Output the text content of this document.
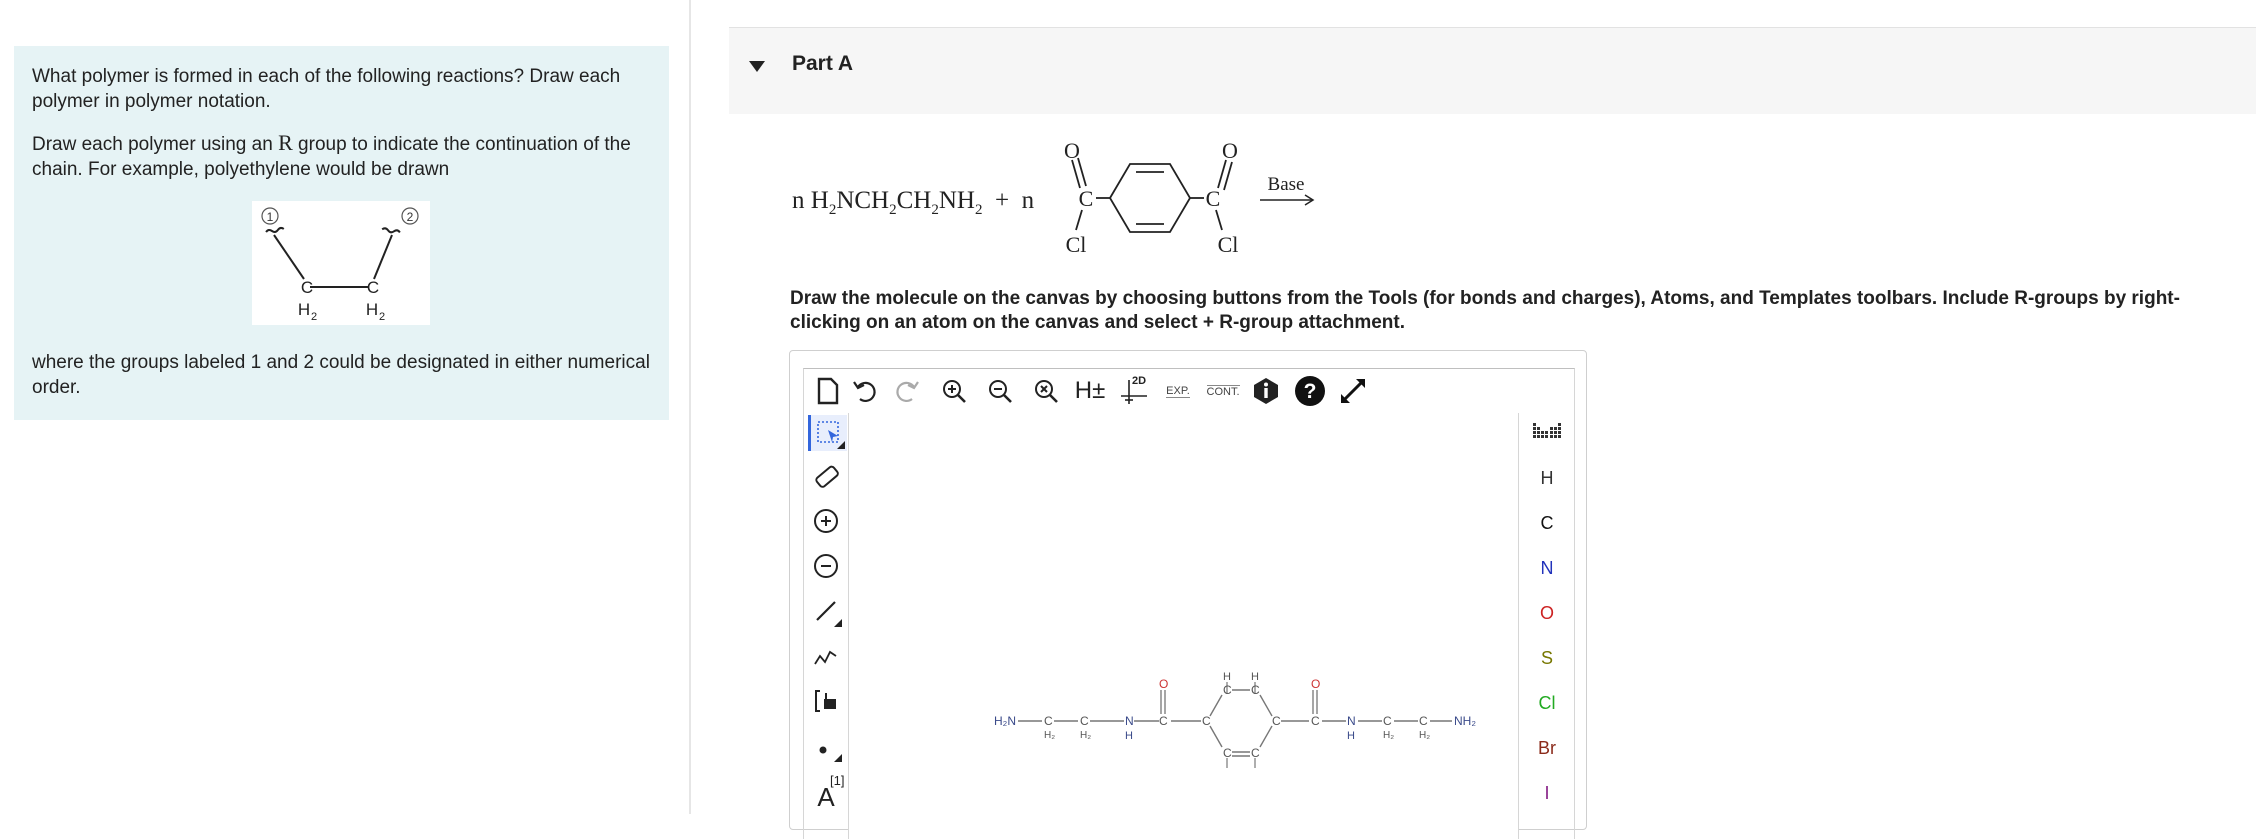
What polymer is formed in each of the following reactions? Draw each polymer in polymer notation.

Draw each polymer using an R group to indicate the continuation of the chain. For example, polyethylene would be drawn

1	2
C	C
H 2	H 2

where the groups labeled 1 and 2 could be designated in either numerical order.

Part A
n $H_2NCH_2CH_2NH_2 + n$
O
C
Cl
O
C
Cl
Base
Draw the molecule on the canvas by choosing buttons from the Tools (for bonds and charges), Atoms, and Templates toolbars. Include R-groups by right-clicking on an atom on the canvas and select + R-group attachment.
H± 2D
EXP. CONT.	?
A
[1]
H₂N C
H₂
C
H₂
N
H
C
O
C
C C
H H
C
C C
O
C N
H
C
H₂
C
H₂
NH₂
H
C
N
O
S
Cl
Br
I
